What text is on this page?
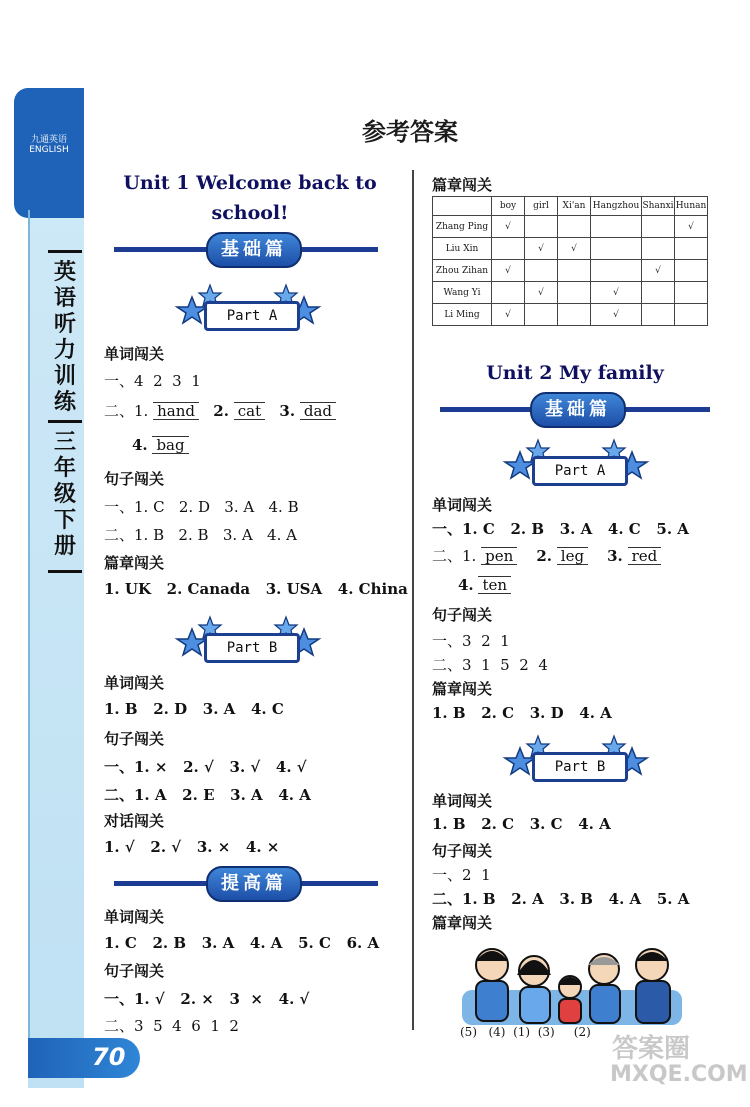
九通英语
ENGLISH
英
语
听
力
训
练
三
年
级
下
册
70
参考答案
Unit 1 Welcome back to
school!
基础篇
Part A
单词闯关
一、4  2  3  1
二、1. hand 2. cat 3. dad
4. bag
句子闯关
一、1. C   2. D   3. A   4. B
二、1. B   2. B   3. A   4. A
篇章闯关
1. UK   2. Canada   3. USA   4. China
Part B
单词闯关
1. B   2. D   3. A   4. C
句子闯关
一、1. ×   2. √   3. √   4. √
二、1. A   2. E   3. A   4. A
对话闯关
1. √   2. √   3. ×   4. ×
提高篇
单词闯关
1. C   2. B   3. A   4. A   5. C   6. A
句子闯关
一、1. √   2. ×   3  ×   4. √
二、3  5  4  6  1  2
篇章闯关
	boy	girl	Xi'an	Hangzhou	Shanxi	Hunan
Zhang Ping	√					√
Liu Xin		√	√			
Zhou Zihan	√				√	
Wang Yi		√		√		
Li Ming	√			√		
Unit 2 My family
基础篇
Part A
单词闯关
一、1. C   2. B   3. A   4. C   5. A
二、1. pen 2. leg 3. red
4. ten
句子闯关
一、3  2  1
二、3  1  5  2  4
篇章闯关
1. B   2. C   3. D   4. A
Part B
单词闯关
1. B   2. C   3. C   4. A
句子闯关
一、2  1
二、1. B   2. A   3. B   4. A   5. A
篇章闯关
(5)   (4)  (1)  (3)     (2)
答案圈
MXQE.COM
